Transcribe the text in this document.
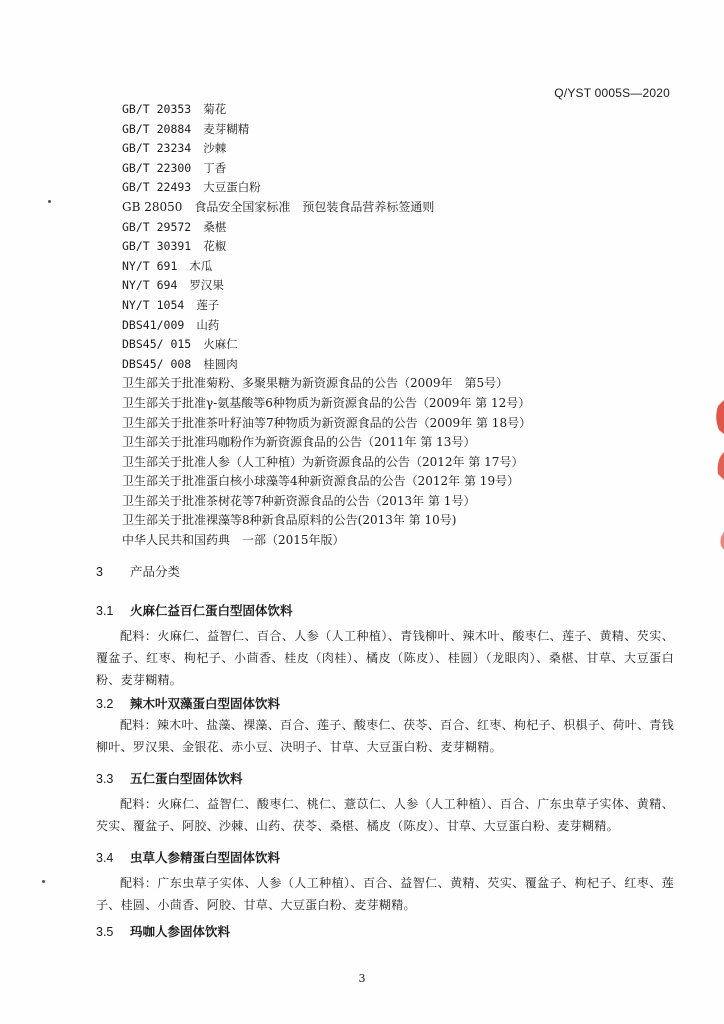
Q/YST 0005S—2020
GB/T 20353 菊花
GB/T 20884 麦芽糊精
GB/T 23234 沙棘
GB/T 22300 丁香
GB/T 22493 大豆蛋白粉
GB 28050 食品安全国家标准　预包装食品营养标签通则
GB/T 29572 桑椹
GB/T 30391 花椒
NY/T 691 木瓜
NY/T 694 罗汉果
NY/T 1054 莲子
DBS41/009 山药
DBS45/ 015 火麻仁
DBS45/ 008 桂圆肉
卫生部关于批准菊粉、多聚果糖为新资源食品的公告（2009年　第5号）
卫生部关于批准γ-氨基酸等6种物质为新资源食品的公告（2009年 第 12号）
卫生部关于批准茶叶籽油等7种物质为新资源食品的公告（2009年 第 18号）
卫生部关于批准玛咖粉作为新资源食品的公告（2011年 第 13号）
卫生部关于批准人参（人工种植）为新资源食品的公告（2012年 第 17号）
卫生部关于批准蛋白核小球藻等4种新资源食品的公告（2012年 第 19号）
卫生部关于批准茶树花等7种新资源食品的公告（2013年 第 1号）
卫生部关于批准裸藻等8种新食品原料的公告(2013年 第 10号)
中华人民共和国药典　一部（2015年版）
3 产品分类
3.1 火麻仁益百仁蛋白型固体饮料
配料：火麻仁、益智仁、百合、人参（人工种植）、青钱柳叶、辣木叶、酸枣仁、莲子、黄精、芡实、覆盆子、红枣、枸杞子、小茴香、桂皮（肉桂）、橘皮（陈皮）、桂圆）（龙眼肉）、桑椹、甘草、大豆蛋白粉、麦芽糊精。
3.2 辣木叶双藻蛋白型固体饮料
配料：辣木叶、盐藻、裸藻、百合、莲子、酸枣仁、茯苓、百合、红枣、枸杞子、枳椇子、荷叶、青钱柳叶、罗汉果、金银花、赤小豆、决明子、甘草、大豆蛋白粉、麦芽糊精。
3.3 五仁蛋白型固体饮料
配料：火麻仁、益智仁、酸枣仁、桃仁、薏苡仁、人参（人工种植）、百合、广东虫草子实体、黄精、芡实、覆盆子、阿胶、沙棘、山药、茯苓、桑椹、橘皮（陈皮）、甘草、大豆蛋白粉、麦芽糊精。
3.4 虫草人参精蛋白型固体饮料
配料：广东虫草子实体、人参（人工种植）、百合、益智仁、黄精、芡实、覆盆子、枸杞子、红枣、莲子、桂圆、小茴香、阿胶、甘草、大豆蛋白粉、麦芽糊精。
3.5 玛咖人参固体饮料
3
